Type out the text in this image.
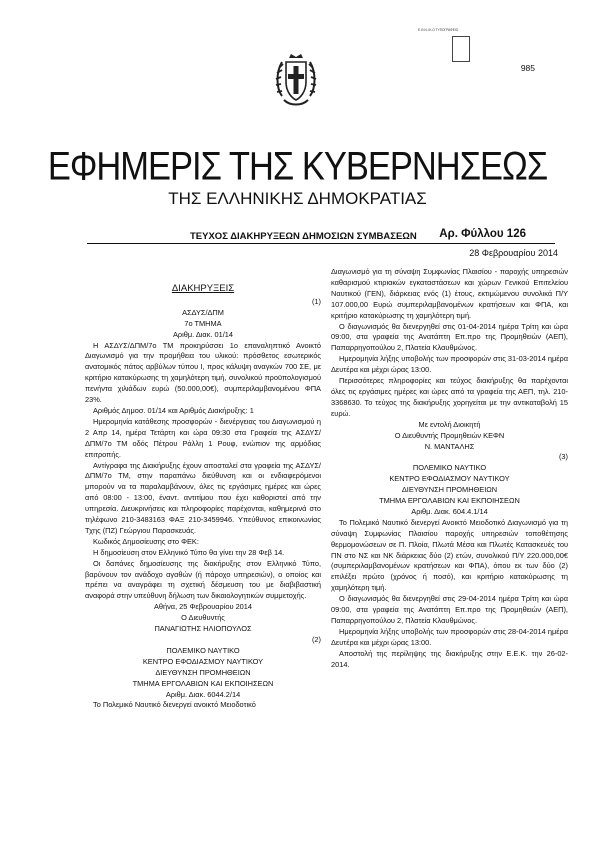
985
Ε.Θ.Ν.Ι.Κ.Ο ΤΥΠΟΓΡΑΦΕΙΟ
ΕΦΗΜΕΡΙΣ ΤΗΣ ΚΥΒΕΡΝΗΣΕΩΣ
ΤΗΣ ΕΛΛΗΝΙΚΗΣ ΔΗΜΟΚΡΑΤΙΑΣ
ΤΕΥΧΟΣ ΔΙΑΚΗΡΥΞΕΩΝ ΔΗΜΟΣΙΩΝ ΣΥΜΒΑΣΕΩΝ Αρ. Φύλλου 126
28 Φεβρουαρίου 2014
ΔΙΑΚΗΡΥΞΕΙΣ
(1)
ΑΣΔΥΣ/ΔΠΜ
7ο ΤΜΗΜΑ
Αριθμ. Διακ. 01/14
Η ΑΣΔΥΣ/ΔΠΜ/7ο ΤΜ προκηρύσσει 1ο επαναληπτικό Ανοικτό Διαγωνισμό για την προμήθεια του υλικού: πρόσθετος εσωτερικός ανατομικός πάτος αρβύλων τύπου Ι, προς κάλυψη αναγκών 700 ΣΕ, με κριτήριο κατακύρωσης τη χαμηλότερη τιμή, συνολικού προϋπολογισμού πενήντα χιλιάδων ευρώ (50.000,00€), συμπεριλαμβανομένου ΦΠΑ 23%.
Αριθμός Δημοσ. 01/14 και Αριθμός Διακήρυξης: 1
Ημερομηνία κατάθεσης προσφορών - διενέργειας του Διαγωνισμού η 2 Απρ 14, ημέρα Τετάρτη και ώρα 09:30 στα Γραφεία της ΑΣΔΥΣ/ΔΠΜ/7ο ΤΜ οδός Πέτρου Ράλλη 1 Ρουφ, ενώπιον της αρμόδιας επιτροπής.
Αντίγραφα της Διακήρυξης έχουν αποσταλεί στα γραφεία της ΑΣΔΥΣ/ΔΠΜ/7ο ΤΜ, στην παραπάνω διεύθυνση και οι ενδιαφερόμενοι μπορούν να τα παραλαμβάνουν, όλες τις εργάσιμες ημέρες και ώρες από 08:00 - 13:00, έναντ. αντιτίμου που έχει καθοριστεί από την υπηρεσία. Διευκρινήσεις και πληροφορίες παρέχονται, καθημερινά στο τηλέφωνο 210-3483163 ΦΑΞ 210-3459946. Υπεύθυνος επικοινωνίας Τχης (ΠΖ) Γεώργιου Παρασκευάς.
Κωδικός Δημοσίευσης στο ΦΕΚ:
Η δημοσίευση στον Ελληνικό Τύπο θα γίνει την 28 Φεβ 14.
Οι δαπάνες δημοσίευσης της διακήρυξης στον Ελληνικό Τύπο, βαρύνουν τον ανάδοχο αγαθών (ή πάροχο υπηρεσιών), ο οποίος και πρέπει να αναγράφει τη σχετική δέσμευση του με διαβιβαστική αναφορά στην υπεύθυνη δήλωση των δικαιολογητικών συμμετοχής.
Αθήνα, 25 Φεβρουαρίου 2014
Ο Διευθυντής
ΠΑΝΑΓΙΩΤΗΣ ΗΛΙΟΠΟΥΛΟΣ
(2)
ΠΟΛΕΜΙΚΟ ΝΑΥΤΙΚΟ
ΚΕΝΤΡΟ ΕΦΟΔΙΑΣΜΟΥ ΝΑΥΤΙΚΟΥ
ΔΙΕΥΘΥΝΣΗ ΠΡΟΜΗΘΕΙΩΝ
ΤΜΗΜΑ ΕΡΓΟΛΑΒΙΩΝ ΚΑΙ ΕΚΠΟΙΗΣΕΩΝ
Αριθμ. Διακ. 6044.2/14
Το Πολεμικό Ναυτικό διενεργεί ανοικτό Μειοδοτικό
Διαγωνισμό για τη σύναψη Συμφωνίας Πλαισίου - παροχής υπηρεσιών καθαρισμού κτιριακών εγκαταστάσεων και χώρων Γενικού Επιτελείου Ναυτικού (ΓΕΝ), διάρκειας ενός (1) έτους, εκτιμώμενου συνολικά Π/Υ 107.000,00 Ευρώ συμπεριλαμβανομένων κρατήσεων και ΦΠΑ, και κριτήριο κατακύρωσης τη χαμηλότερη τιμή.
Ο διαγωνισμός θα διενεργηθεί στις 01-04-2014 ημέρα Τρίτη και ώρα 09:00, στα γραφεία της Ανατάπτη Επ.προ της Προμηθειών (ΑΕΠ), Παπαρρηγοπούλου 2, Πλατεία Κλαυθμώνος.
Ημερομηνία λήξης υποβολής των προσφορών στις 31-03-2014 ημέρα Δευτέρα και μέχρι ώρας 13:00.
Περισσότερες πληροφορίες και τεύχος διακήρυξης θα παρέχονται όλες τις εργάσιμες ημέρες και ώρες από τα γραφεία της ΑΕΠ, τηλ. 210-3368630. Το τεύχος της διακήρυξης χορηγείται με την αντικαταβολή 15 ευρώ.
Με εντολή Διοικητή
Ο Διευθυντής Προμηθειών ΚΕΦΝ
Ν. ΜΑΝΤΑΛΗΣ
(3)
ΠΟΛΕΜΙΚΟ ΝΑΥΤΙΚΟ
ΚΕΝΤΡΟ ΕΦΟΔΙΑΣΜΟΥ ΝΑΥΤΙΚΟΥ
ΔΙΕΥΘΥΝΣΗ ΠΡΟΜΗΘΕΙΩΝ
ΤΜΗΜΑ ΕΡΓΟΛΑΒΙΩΝ ΚΑΙ ΕΚΠΟΙΗΣΕΩΝ
Αριθμ. Διακ. 604.4.1/14
Το Πολεμικό Ναυτικό διενεργεί Ανοικτό Μειοδοτικό Διαγωνισμό για τη σύναψη Συμφωνίας Πλαισίου παροχής υπηρεσιών τοποθέτησης θερμομονώσεων σε Π. Πλοία, Πλωτά Μέσα και Πλωτές Κατασκευές του ΠΝ στο ΝΣ και ΝΚ διάρκειας δύο (2) ετών, συνολικού Π/Υ 220.000,00€ (συμπεριλαμβανομένων κρατήσεων και ΦΠΑ), όπου εκ των δύο (2) επιλέξει πρώτο (χρόνος ή ποσό), και κριτήριο κατακύρωσης τη χαμηλότερη τιμή.
Ο διαγωνισμός θα διενεργηθεί στις 29-04-2014 ημέρα Τρίτη και ώρα 09:00, στα γραφεία της Ανατάπτη Επ.προ της Προμηθειών (ΑΕΠ), Παπαρρηγοπούλου 2, Πλατεία Κλαυθμώνος.
Ημερομηνία λήξης υποβολής των προσφορών στις 28-04-2014 ημέρα Δευτέρα και μέχρι ώρας 13:00.
Αποστολή της περίληψης της διακήρυξης στην Ε.Ε.Κ. την 26-02-2014.
